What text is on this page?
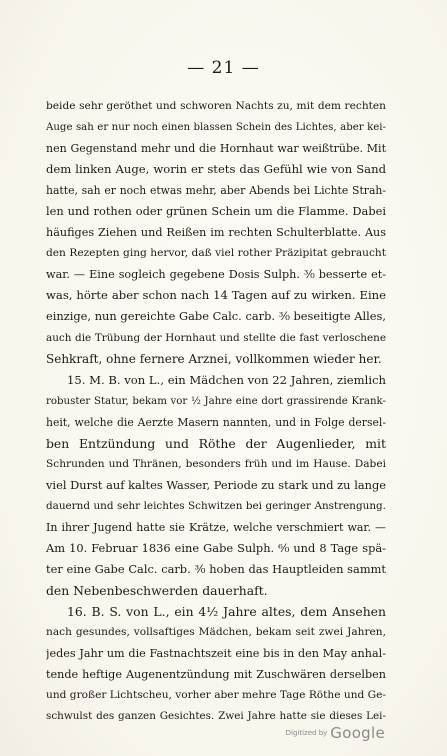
— 21 —
beide sehr geröthet und schworen Nachts zu, mit dem rechten
Auge sah er nur noch einen blassen Schein des Lichtes, aber kei-
nen Gegenstand mehr und die Hornhaut war weißtrübe. Mit
dem linken Auge, worin er stets das Gefühl wie von Sand
hatte, sah er noch etwas mehr, aber Abends bei Lichte Strah-
len und rothen oder grünen Schein um die Flamme. Dabei
häufiges Ziehen und Reißen im rechten Schulterblatte. Aus
den Rezepten ging hervor, daß viel rother Präzipitat gebraucht
war. — Eine sogleich gegebene Dosis Sulph. ³⁄₀ besserte et-
was, hörte aber schon nach 14 Tagen auf zu wirken. Eine
einzige, nun gereichte Gabe Calc. carb. ³⁄₀ beseitigte Alles,
auch die Trübung der Hornhaut und stellte die fast verloschene
Sehkraft, ohne fernere Arznei, vollkommen wieder her.
15. M. B. von L., ein Mädchen von 22 Jahren, ziemlich
robuster Statur, bekam vor ½ Jahre eine dort grassirende Krank-
heit, welche die Aerzte Masern nannten, und in Folge dersel-
ben Entzündung und Röthe der Augenlieder, mit
Schrunden und Thränen, besonders früh und im Hause. Dabei
viel Durst auf kaltes Wasser, Periode zu stark und zu lange
dauernd und sehr leichtes Schwitzen bei geringer Anstrengung.
In ihrer Jugend hatte sie Krätze, welche verschmiert war. —
Am 10. Februar 1836 eine Gabe Sulph. ⁶⁄₀ und 8 Tage spä-
ter eine Gabe Calc. carb. ³⁄₀ hoben das Hauptleiden sammt
den Nebenbeschwerden dauerhaft.
16. B. S. von L., ein 4½ Jahre altes, dem Ansehen
nach gesundes, vollsaftiges Mädchen, bekam seit zwei Jahren,
jedes Jahr um die Fastnachtszeit eine bis in den May anhal-
tende heftige Augenentzündung mit Zuschwären derselben
und großer Lichtscheu, vorher aber mehre Tage Röthe und Ge-
schwulst des ganzen Gesichtes. Zwei Jahre hatte sie dieses Lei-
Digitized by Google
